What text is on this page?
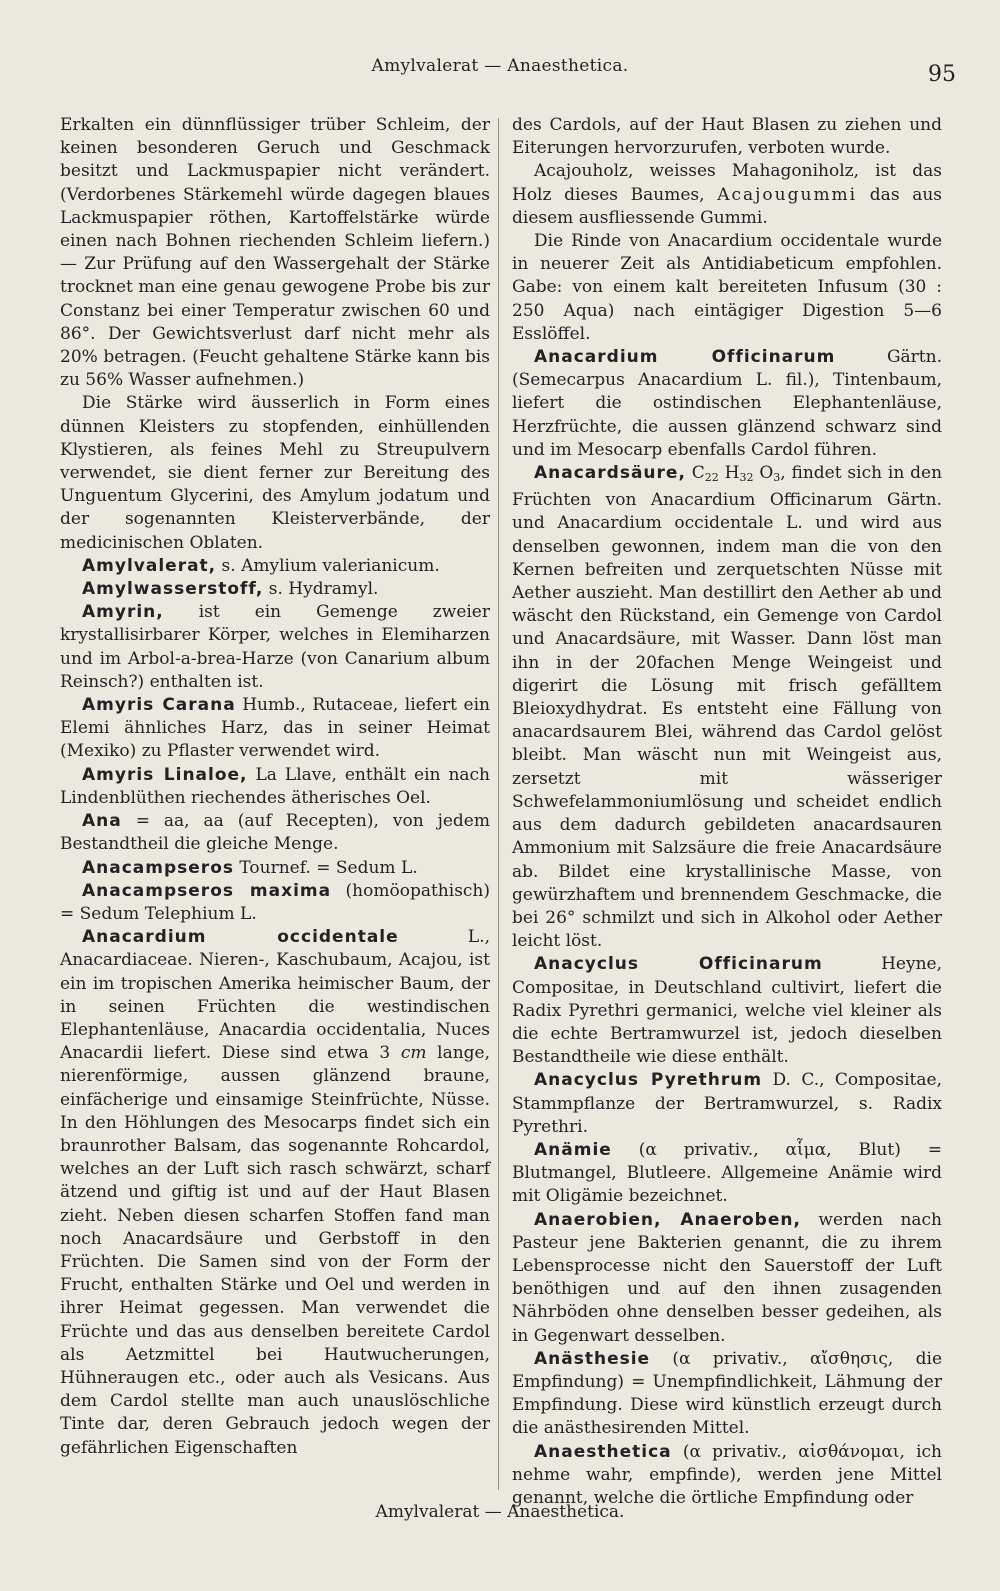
Amylvalerat — Anaesthetica.	95

Erkalten ein dünnflüssiger trüber Schleim, der keinen besonderen Geruch und Geschmack besitzt und Lackmuspapier nicht verändert. (Verdorbenes Stärkemehl würde dagegen blaues Lackmuspapier röthen, Kartoffelstärke würde einen nach Bohnen riechenden Schleim liefern.) — Zur Prüfung auf den Wassergehalt der Stärke trocknet man eine genau gewogene Probe bis zur Constanz bei einer Temperatur zwischen 60 und 86°. Der Gewichtsverlust darf nicht mehr als 20% betragen. (Feucht gehaltene Stärke kann bis zu 56% Wasser aufnehmen.)

Die Stärke wird äusserlich in Form eines dünnen Kleisters zu stopfenden, einhüllenden Klystieren, als feines Mehl zu Streupulvern verwendet, sie dient ferner zur Bereitung des Unguentum Glycerini, des Amylum jodatum und der sogenannten Kleisterverbände, der medicinischen Oblaten.

Amylvalerat, s. Amylium valerianicum.

Amylwasserstoff, s. Hydramyl.

Amyrin, ist ein Gemenge zweier krystallisirbarer Körper, welches in Elemiharzen und im Arbol-a-brea-Harze (von Canarium album Reinsch?) enthalten ist.

Amyris Carana Humb., Rutaceae, liefert ein Elemi ähnliches Harz, das in seiner Heimat (Mexiko) zu Pflaster verwendet wird.

Amyris Linaloe, La Llave, enthält ein nach Lindenblüthen riechendes ätherisches Oel.

Ana = aa, aa (auf Recepten), von jedem Bestandtheil die gleiche Menge.

Anacampseros Tournef. = Sedum L.

Anacampseros maxima (homöopathisch) = Sedum Telephium L.

Anacardium occidentale	L., Anacardiaceae. Nieren-, Kaschubaum, Acajou, ist ein im tropischen Amerika heimischer Baum, der in seinen Früchten die westindischen Elephantenläuse, Anacardia occidentalia, Nuces Anacardii liefert. Diese sind etwa 3 cm lange, nierenförmige, aussen glänzend braune, einfächerige und einsamige Steinfrüchte, Nüsse. In den Höhlungen des Mesocarps findet sich ein braunrother Balsam, das sogenannte Rohcardol, welches an der Luft sich rasch schwärzt, scharf ätzend und giftig ist und auf der Haut Blasen zieht. Neben diesen scharfen Stoffen fand man noch Anacardsäure und Gerbstoff in den Früchten. Die Samen sind von der Form der Frucht, enthalten Stärke und Oel und werden in ihrer Heimat gegessen. Man verwendet die Früchte und das aus denselben bereitete Cardol als Aetzmittel bei Hautwucherungen, Hühneraugen etc., oder auch als Vesicans. Aus dem Cardol stellte man auch unauslöschliche Tinte dar, deren Gebrauch jedoch wegen der gefährlichen Eigenschaften

des Cardols, auf der Haut Blasen zu ziehen und Eiterungen hervorzurufen, verboten wurde.

Acajouholz, weisses Mahagoniholz, ist das Holz dieses Baumes, Acajougummi das aus diesem ausfliessende Gummi.

Die Rinde von Anacardium occidentale wurde in neuerer Zeit als Antidiabeticum empfohlen. Gabe: von einem kalt bereiteten Infusum (30 : 250 Aqua) nach eintägiger Digestion 5—6 Esslöffel.

Anacardium Officinarum	Gärtn. (Semecarpus Anacardium L. fil.), Tintenbaum, liefert die ostindischen Elephantenläuse, Herzfrüchte, die aussen glänzend schwarz sind und im Mesocarp ebenfalls Cardol führen.

Anacardsäure, $C_{22}$ $H_{32}$ $O_3$, findet sich in den Früchten von Anacardium Officinarum Gärtn. und Anacardium occidentale L. und wird aus denselben gewonnen, indem man die von den Kernen befreiten und zerquetschten Nüsse mit Aether auszieht. Man destillirt den Aether ab und wäscht den Rückstand, ein Gemenge von Cardol und Anacardsäure, mit Wasser. Dann löst man ihn in der 20fachen Menge Weingeist und digerirt die Lösung mit frisch gefälltem Bleioxydhydrat. Es entsteht eine Fällung von anacardsaurem Blei, während das Cardol gelöst bleibt. Man wäscht nun mit Weingeist aus, zersetzt mit wässeriger Schwefelammoniumlösung und scheidet endlich aus dem dadurch gebildeten anacardsauren Ammonium mit Salzsäure die freie Anacardsäure ab. Bildet eine krystallinische Masse, von gewürzhaftem und brennendem Geschmacke, die bei 26° schmilzt und sich in Alkohol oder Aether leicht löst.

Anacyclus Officinarum	Heyne, Compositae, in Deutschland cultivirt, liefert die Radix Pyrethri germanici, welche viel kleiner als die echte Bertramwurzel ist, jedoch dieselben Bestandtheile wie diese enthält.

Anacyclus Pyrethrum D. C., Compositae, Stammpflanze der Bertramwurzel, s. Radix Pyrethri.

Anämie (α privativ., αἷμα, Blut) = Blutmangel, Blutleere. Allgemeine Anämie wird mit Oligämie bezeichnet.

Anaerobien, Anaeroben, werden nach Pasteur jene Bakterien genannt, die zu ihrem Lebensprocesse nicht den Sauerstoff der Luft benöthigen und auf den ihnen zusagenden Nährböden ohne denselben besser gedeihen, als in Gegenwart desselben.

Anästhesie (α privativ., αἴσθησις, die Empfindung) = Unempfindlichkeit, Lähmung der Empfindung. Diese wird künstlich erzeugt durch die anästhesirenden Mittel.

Anaesthetica (α privativ., αἰσθάνομαι, ich nehme wahr, empfinde), werden jene Mittel genannt, welche die örtliche Empfindung oder

Amylvalerat — Anaesthetica.
